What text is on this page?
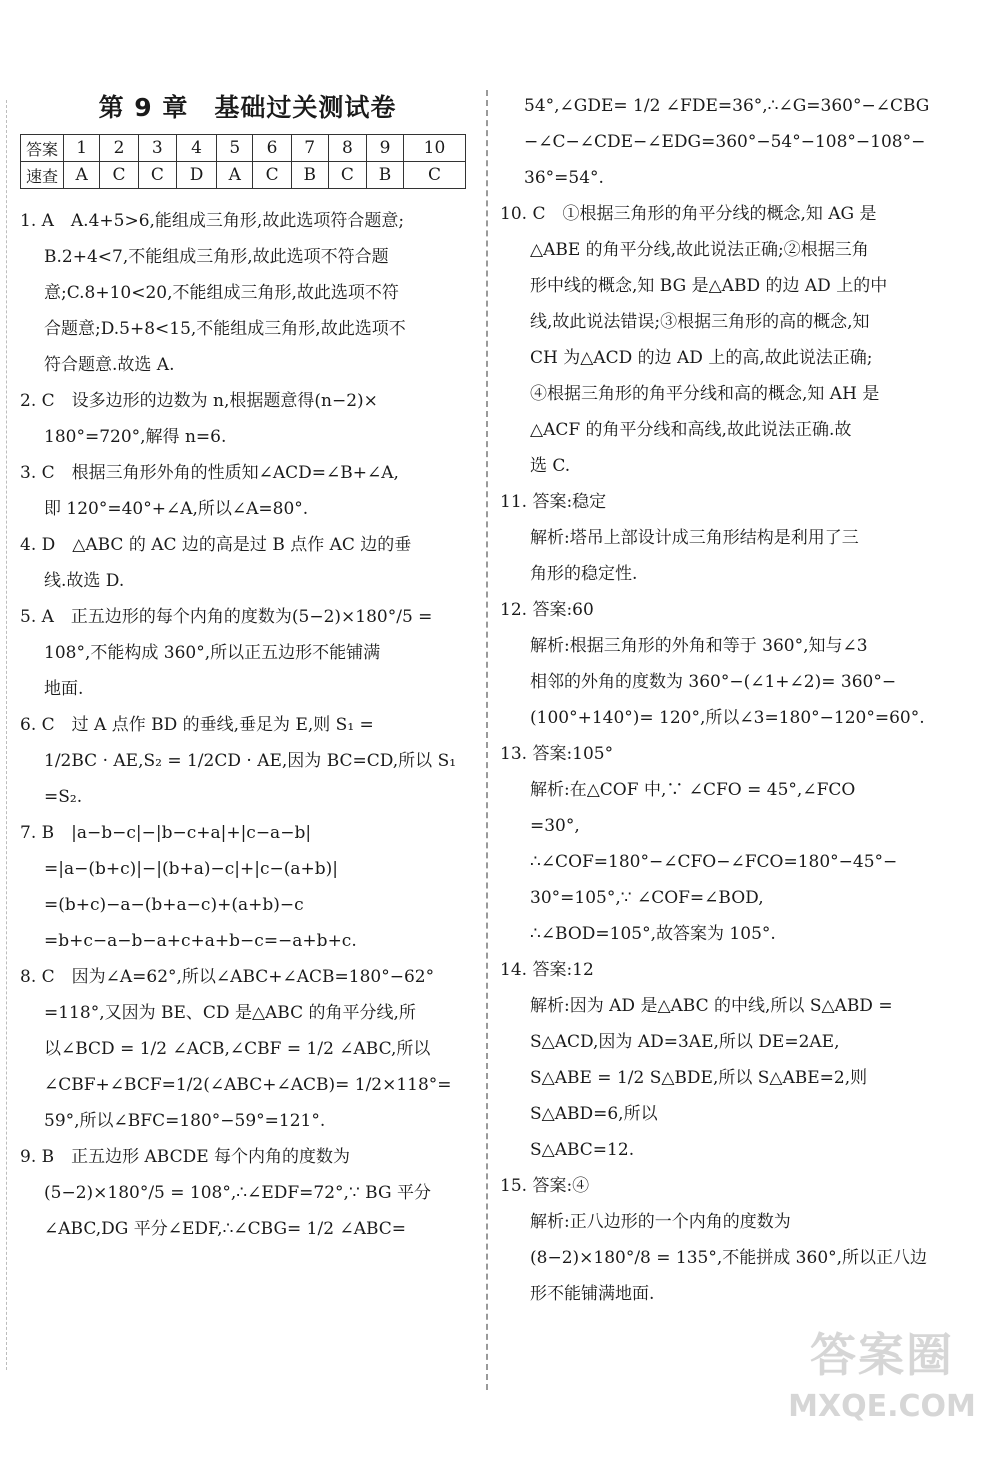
第 9 章　基础过关测试卷
答案	1	2	3	4	5	6	7	8	9	10
速查	A	C	C	D	A	C	B	C	B	C

1. A　A.4+5>6,能组成三角形,故此选项符合题意;

B.2+4<7,不能组成三角形,故此选项不符合题

意;C.8+10<20,不能组成三角形,故此选项不符

合题意;D.5+8<15,不能组成三角形,故此选项不

符合题意.故选 A.

2. C　设多边形的边数为 n,根据题意得(n−2)×

180°=720°,解得 n=6.

3. C　根据三角形外角的性质知∠ACD=∠B+∠A,

即 120°=40°+∠A,所以∠A=80°.

4. D　△ABC 的 AC 边的高是过 B 点作 AC 边的垂

线.故选 D.

5. A　正五边形的每个内角的度数为(5−2)×180°/5 =

108°,不能构成 360°,所以正五边形不能铺满

地面.

6. C　过 A 点作 BD 的垂线,垂足为 E,则 S₁ =

1/2BC · AE,S₂ = 1/2CD · AE,因为 BC=CD,所以 S₁

=S₂.

7. B　|a−b−c|−|b−c+a|+|c−a−b|

=|a−(b+c)|−|(b+a)−c|+|c−(a+b)|

=(b+c)−a−(b+a−c)+(a+b)−c

=b+c−a−b−a+c+a+b−c=−a+b+c.

8. C　因为∠A=62°,所以∠ABC+∠ACB=180°−62°

=118°,又因为 BE、CD 是△ABC 的角平分线,所

以∠BCD = 1/2 ∠ACB,∠CBF = 1/2 ∠ABC,所以

∠CBF+∠BCF=1/2(∠ABC+∠ACB)= 1/2×118°=

59°,所以∠BFC=180°−59°=121°.

9. B　正五边形 ABCDE 每个内角的度数为

(5−2)×180°/5 = 108°,∴∠EDF=72°,∵ BG 平分

∠ABC,DG 平分∠EDF,∴∠CBG= 1/2 ∠ABC=

54°,∠GDE= 1/2 ∠FDE=36°,∴∠G=360°−∠CBG

−∠C−∠CDE−∠EDG=360°−54°−108°−108°−

36°=54°.

10. C　①根据三角形的角平分线的概念,知 AG 是

△ABE 的角平分线,故此说法正确;②根据三角

形中线的概念,知 BG 是△ABD 的边 AD 上的中

线,故此说法错误;③根据三角形的高的概念,知

CH 为△ACD 的边 AD 上的高,故此说法正确;

④根据三角形的角平分线和高的概念,知 AH 是

△ACF 的角平分线和高线,故此说法正确.故

选 C.

11. 答案:稳定

解析:塔吊上部设计成三角形结构是利用了三

角形的稳定性.

12. 答案:60

解析:根据三角形的外角和等于 360°,知与∠3

相邻的外角的度数为 360°−(∠1+∠2)= 360°−

(100°+140°)= 120°,所以∠3=180°−120°=60°.

13. 答案:105°

解析:在△COF 中,∵ ∠CFO = 45°,∠FCO

=30°,

∴∠COF=180°−∠CFO−∠FCO=180°−45°−

30°=105°,∵ ∠COF=∠BOD,

∴∠BOD=105°,故答案为 105°.

14. 答案:12

解析:因为 AD 是△ABC 的中线,所以 S△ABD =

S△ACD,因为 AD=3AE,所以 DE=2AE,

S△ABE = 1/2 S△BDE,所以 S△ABE=2,则 S△ABD=6,所以

S△ABC=12.

15. 答案:④

解析:正八边形的一个内角的度数为

(8−2)×180°/8 = 135°,不能拼成 360°,所以正八边

形不能铺满地面.

答案圈
MXQE.COM
